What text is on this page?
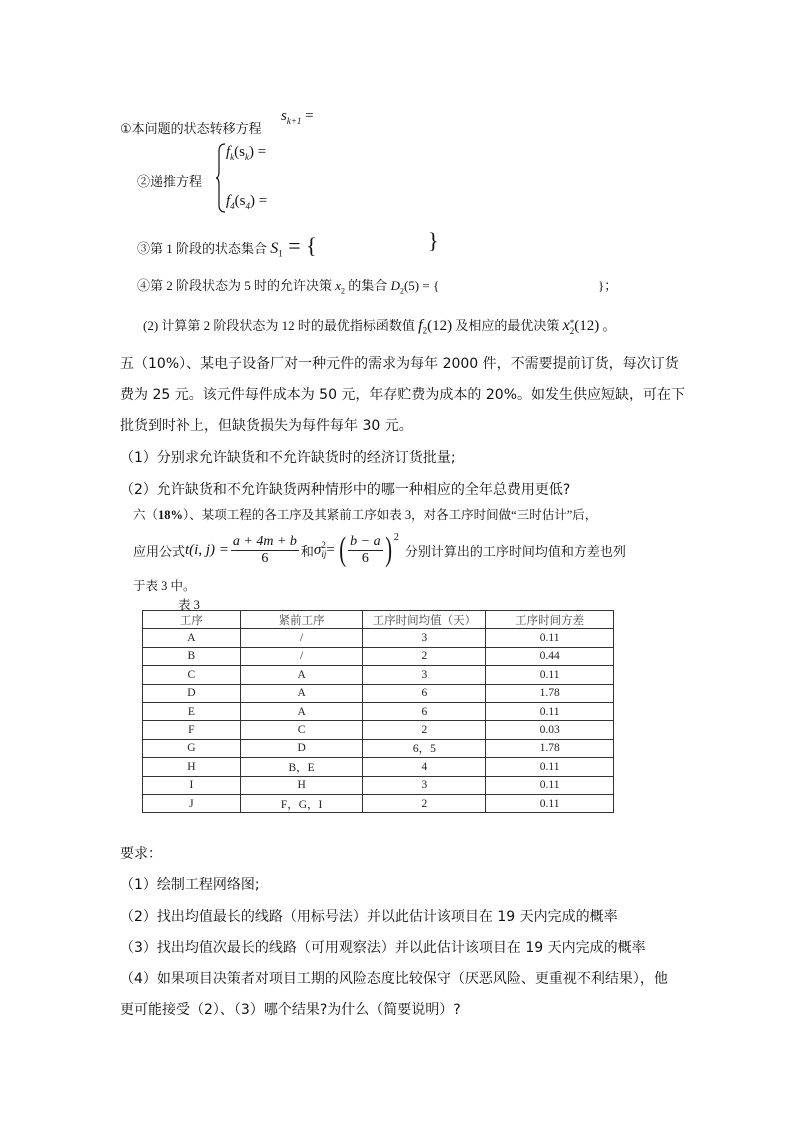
①本问题的状态转移方程
$s_{k+1}$ =
②递推方程
$f_k(s_k)$ =
$f_4(s_4)$ =
③第 1 阶段的状态集合 $S_1$ = {	}
④第 2 阶段状态为 5 时的允许决策 $x_2$ 的集合 $D_2(5)$ = {	}；
(2) 计算第 2 阶段状态为 12 时的最优指标函数值 $f_2(12)$ 及相应的最优决策 x *
2 (12) 。
五（10%）、某电子设备厂对一种元件的需求为每年 2000 件，不需要提前订货，每次订货
费为 25 元。该元件每件成本为 50 元，年存贮费为成本的 20%。如发生供应短缺，可在下
批货到时补上，但缺货损失为每件每年 30 元。
（1）分别求允许缺货和不允许缺货时的经济订货批量;
（2）允许缺货和不允许缺货两种情形中的哪一种相应的全年总费用更低?
六（18%）、某项工程的各工序及其紧前工序如表 3，对各工序时间做“三时估计”后，
应用公式 t(i, $j) = \frac{a + 4m + b}{6}$ 和 σ 2
ij = ( $\frac{b - a}{6} )^2$
分别计算出的工序时间均值和方差也列
于表 3 中。
表 3
工序	紧前工序	工序时间均值（天）	工序时间方差
A	/	3	0.11
B	/	2	0.44
C	A	3	0.11
D	A	6	1.78
E	A	6	0.11
F	C	2	0.03
G	D	6，5	1.78
H	B，E	4	0.11
I	H	3	0.11
J	F，G，I	2	0.11
要求：
（1）绘制工程网络图;
（2）找出均值最长的线路（用标号法）并以此估计该项目在 19 天内完成的概率
（3）找出均值次最长的线路（可用观察法）并以此估计该项目在 19 天内完成的概率
（4）如果项目决策者对项目工期的风险态度比较保守（厌恶风险、更重视不利结果），他
更可能接受（2）、（3）哪个结果?为什么（简要说明）?
